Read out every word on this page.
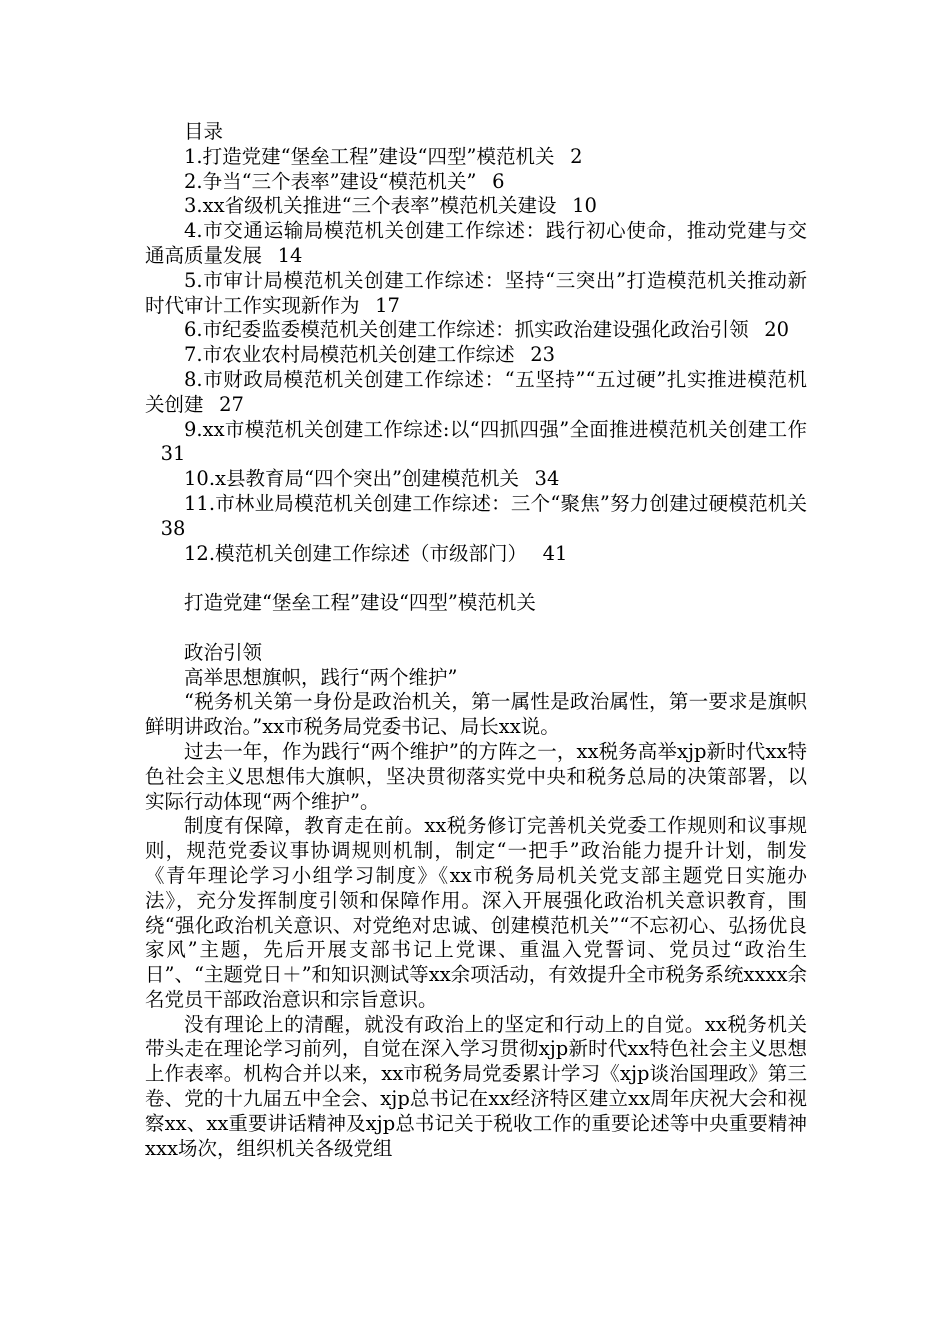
目录

1.打造党建“堡垒工程”建设“四型”模范机关 2

2.争当“三个表率”建设“模范机关” 6

3.xx省级机关推进“三个表率”模范机关建设 10

4.市交通运输局模范机关创建工作综述：践行初心使命，推动党建与交通高质量发展 14

5.市审计局模范机关创建工作综述：坚持“三突出”打造模范机关推动新时代审计工作实现新作为 17

6.市纪委监委模范机关创建工作综述：抓实政治建设强化政治引领 20

7.市农业农村局模范机关创建工作综述 23

8.市财政局模范机关创建工作综述：“五坚持”“五过硬”扎实推进模范机关创建 27

9.xx市模范机关创建工作综述:以“四抓四强”全面推进模范机关创建工作31

10.x县教育局“四个突出”创建模范机关 34

11.市林业局模范机关创建工作综述：三个“聚焦”努力创建过硬模范机关38

12.模范机关创建工作综述（市级部门） 41

打造党建“堡垒工程”建设“四型”模范机关

政治引领

高举思想旗帜，践行“两个维护”

“税务机关第一身份是政治机关，第一属性是政治属性，第一要求是旗帜鲜明讲政治。”xx市税务局党委书记、局长xx说。

过去一年，作为践行“两个维护”的方阵之一，xx税务高举xjp新时代xx特色社会主义思想伟大旗帜，坚决贯彻落实党中央和税务总局的决策部署，以实际行动体现“两个维护”。

制度有保障，教育走在前。xx税务修订完善机关党委工作规则和议事规则，规范党委议事协调规则机制，制定“一把手”政治能力提升计划，制发《青年理论学习小组学习制度》《xx市税务局机关党支部主题党日实施办法》，充分发挥制度引领和保障作用。深入开展强化政治机关意识教育，围绕“强化政治机关意识、对党绝对忠诚、创建模范机关”“不忘初心、弘扬优良家风”主题，先后开展支部书记上党课、重温入党誓词、党员过“政治生日”、“主题党日＋”和知识测试等xx余项活动，有效提升全市税务系统xxxx余名党员干部政治意识和宗旨意识。

没有理论上的清醒，就没有政治上的坚定和行动上的自觉。xx税务机关带头走在理论学习前列，自觉在深入学习贯彻xjp新时代xx特色社会主义思想上作表率。机构合并以来，xx市税务局党委累计学习《xjp谈治国理政》第三卷、党的十九届五中全会、xjp总书记在xx经济特区建立xx周年庆祝大会和视察xx、xx重要讲话精神及xjp总书记关于税收工作的重要论述等中央重要精神xxx场次，组织机关各级党组
